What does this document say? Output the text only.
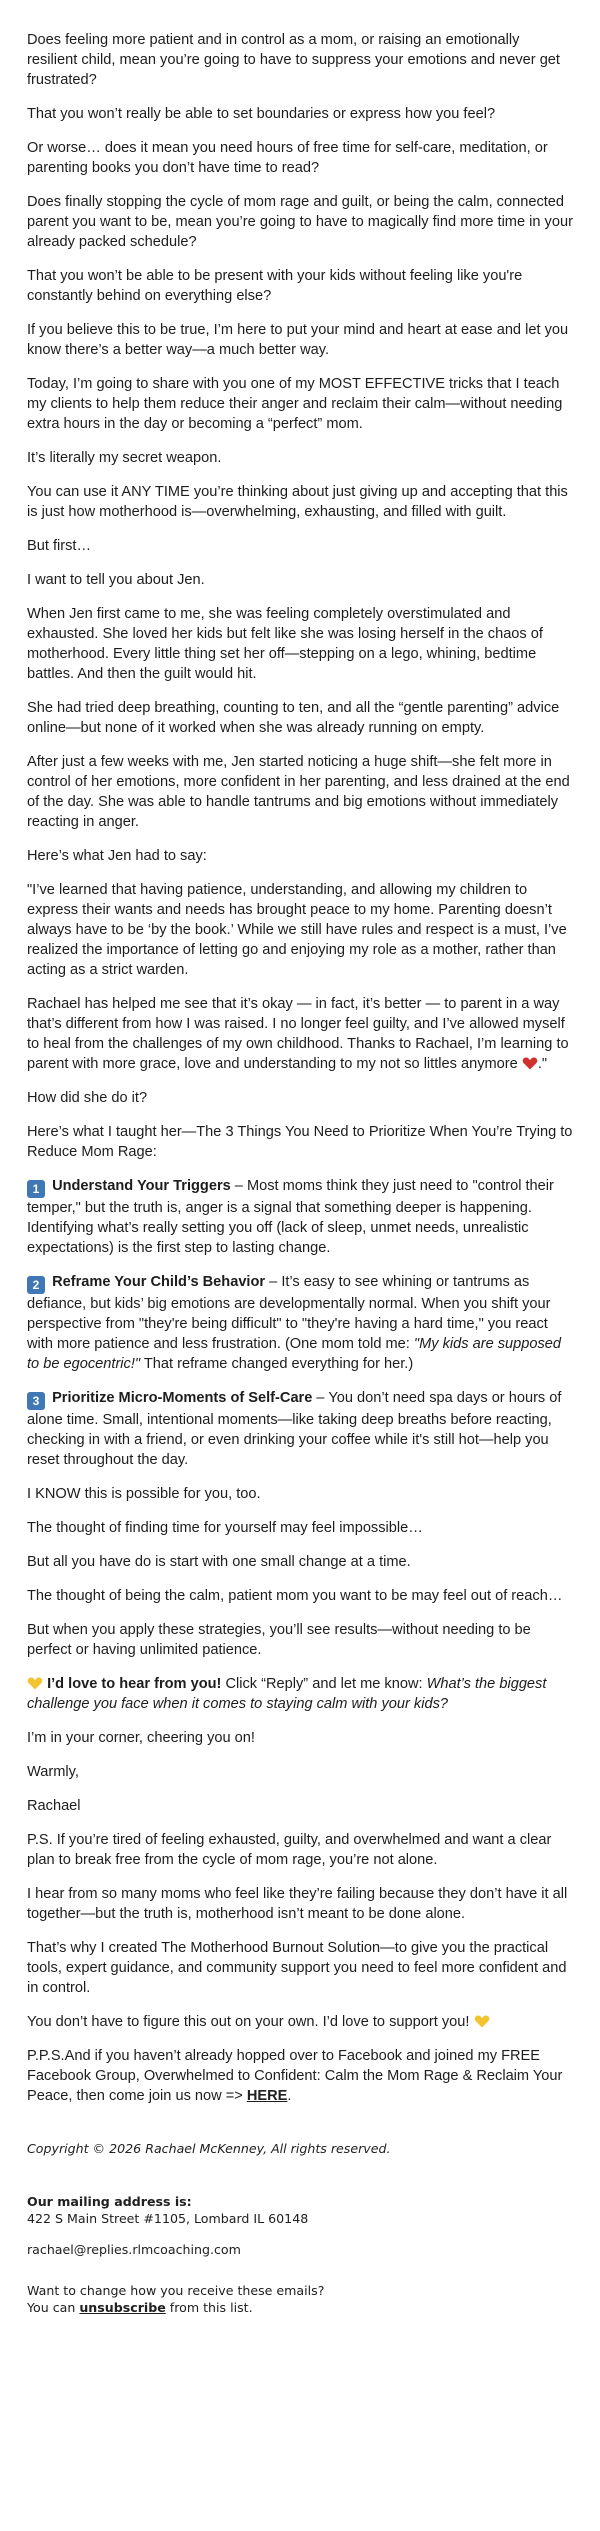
Does feeling more patient and in control as a mom, or raising an emotionally resilient child, mean you’re going to have to suppress your emotions and never get frustrated?

That you won’t really be able to set boundaries or express how you feel?

Or worse… does it mean you need hours of free time for self-care, meditation, or parenting books you don’t have time to read?

Does finally stopping the cycle of mom rage and guilt, or being the calm, connected parent you want to be, mean you’re going to have to magically find more time in your already packed schedule?

That you won’t be able to be present with your kids without feeling like you're constantly behind on everything else?

If you believe this to be true, I’m here to put your mind and heart at ease and let you know there’s a better way—a much better way.

Today, I’m going to share with you one of my MOST EFFECTIVE tricks that I teach my clients to help them reduce their anger and reclaim their calm—without needing extra hours in the day or becoming a “perfect” mom.

It’s literally my secret weapon.

You can use it ANY TIME you’re thinking about just giving up and accepting that this is just how motherhood is—overwhelming, exhausting, and filled with guilt.

But first…

I want to tell you about Jen.

When Jen first came to me, she was feeling completely overstimulated and exhausted. She loved her kids but felt like she was losing herself in the chaos of motherhood. Every little thing set her off—stepping on a lego, whining, bedtime battles. And then the guilt would hit.

She had tried deep breathing, counting to ten, and all the “gentle parenting” advice online—but none of it worked when she was already running on empty.

After just a few weeks with me, Jen started noticing a huge shift—she felt more in control of her emotions, more confident in her parenting, and less drained at the end of the day. She was able to handle tantrums and big emotions without immediately reacting in anger.

Here’s what Jen had to say:

"I’ve learned that having patience, understanding, and allowing my children to express their wants and needs has brought peace to my home. Parenting doesn’t always have to be ‘by the book.’ While we still have rules and respect is a must, I’ve realized the importance of letting go and enjoying my role as a mother, rather than acting as a strict warden.

Rachael has helped me see that it’s okay — in fact, it’s better — to parent in a way that’s different from how I was raised. I no longer feel guilty, and I’ve allowed myself to heal from the challenges of my own childhood. Thanks to Rachael, I’m learning to parent with more grace, love and understanding to my not so littles anymore ."

How did she do it?

Here’s what I taught her—The 3 Things You Need to Prioritize When You’re Trying to Reduce Mom Rage:

1 Understand Your Triggers – Most moms think they just need to "control their temper," but the truth is, anger is a signal that something deeper is happening. Identifying what’s really setting you off (lack of sleep, unmet needs, unrealistic expectations) is the first step to lasting change.

2 Reframe Your Child’s Behavior – It’s easy to see whining or tantrums as defiance, but kids’ big emotions are developmentally normal. When you shift your perspective from "they're being difficult" to "they're having a hard time," you react with more patience and less frustration. (One mom told me: "My kids are supposed to be egocentric!" That reframe changed everything for her.)

3 Prioritize Micro-Moments of Self-Care – You don’t need spa days or hours of alone time. Small, intentional moments—like taking deep breaths before reacting, checking in with a friend, or even drinking your coffee while it's still hot—help you reset throughout the day.

I KNOW this is possible for you, too.

The thought of finding time for yourself may feel impossible…

But all you have do is start with one small change at a time.

The thought of being the calm, patient mom you want to be may feel out of reach…

But when you apply these strategies, you’ll see results—without needing to be perfect or having unlimited patience.

I’d love to hear from you! Click “Reply” and let me know: What’s the biggest challenge you face when it comes to staying calm with your kids?

I’m in your corner, cheering you on!

Warmly,

Rachael

P.S. If you’re tired of feeling exhausted, guilty, and overwhelmed and want a clear plan to break free from the cycle of mom rage, you’re not alone.

I hear from so many moms who feel like they’re failing because they don’t have it all together—but the truth is, motherhood isn’t meant to be done alone.

That’s why I created The Motherhood Burnout Solution—to give you the practical tools, expert guidance, and community support you need to feel more confident and in control.

You don’t have to figure this out on your own. I’d love to support you!

P.P.S.And if you haven’t already hopped over to Facebook and joined my FREE Facebook Group, Overwhelmed to Confident: Calm the Mom Rage & Reclaim Your Peace, then come join us now => HERE.

Copyright © 2026 Rachael McKenney, All rights reserved.

Our mailing address is:

422 S Main Street #1105, Lombard IL 60148

rachael@replies.rlmcoaching.com

Want to change how you receive these emails?
You can unsubscribe from this list.
